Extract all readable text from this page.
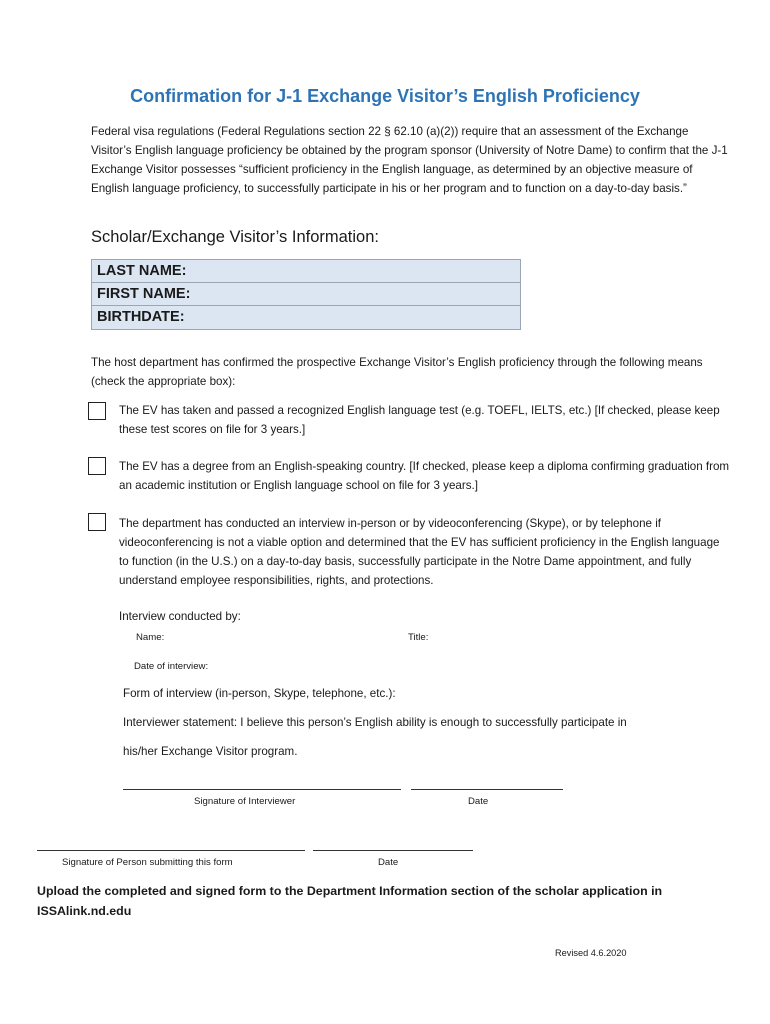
Confirmation for J-1 Exchange Visitor’s English Proficiency
Federal visa regulations (Federal Regulations section 22 § 62.10 (a)(2)) require that an assessment of the Exchange Visitor’s English language proficiency be obtained by the program sponsor (University of Notre Dame) to confirm that the J-1 Exchange Visitor possesses “sufficient proficiency in the English language, as determined by an objective measure of English language proficiency, to successfully participate in his or her program and to function on a day-to-day basis.”
Scholar/Exchange Visitor’s Information:
LAST NAME:
FIRST NAME:
BIRTHDATE:
The host department has confirmed the prospective Exchange Visitor’s English proficiency through the following means (check the appropriate box):
The EV has taken and passed a recognized English language test (e.g. TOEFL, IELTS, etc.) [If checked, please keep these test scores on file for 3 years.]
The EV has a degree from an English-speaking country. [If checked, please keep a diploma confirming graduation from an academic institution or English language school on file for 3 years.]
The department has conducted an interview in-person or by videoconferencing (Skype), or by telephone if videoconferencing is not a viable option and determined that the EV has sufficient proficiency in the English language to function (in the U.S.) on a day-to-day basis, successfully participate in the Notre Dame appointment, and fully understand employee responsibilities, rights, and protections.
Interview conducted by:
Name:	Title:
Date of interview:
Form of interview (in-person, Skype, telephone, etc.):
Interviewer statement: I believe this person’s English ability is enough to successfully participate in
his/her Exchange Visitor program.
Signature of Interviewer	Date
Signature of Person submitting this form	Date
Upload the completed and signed form to the Department Information section of the scholar application in ISSAlink.nd.edu
Revised 4.6.2020
